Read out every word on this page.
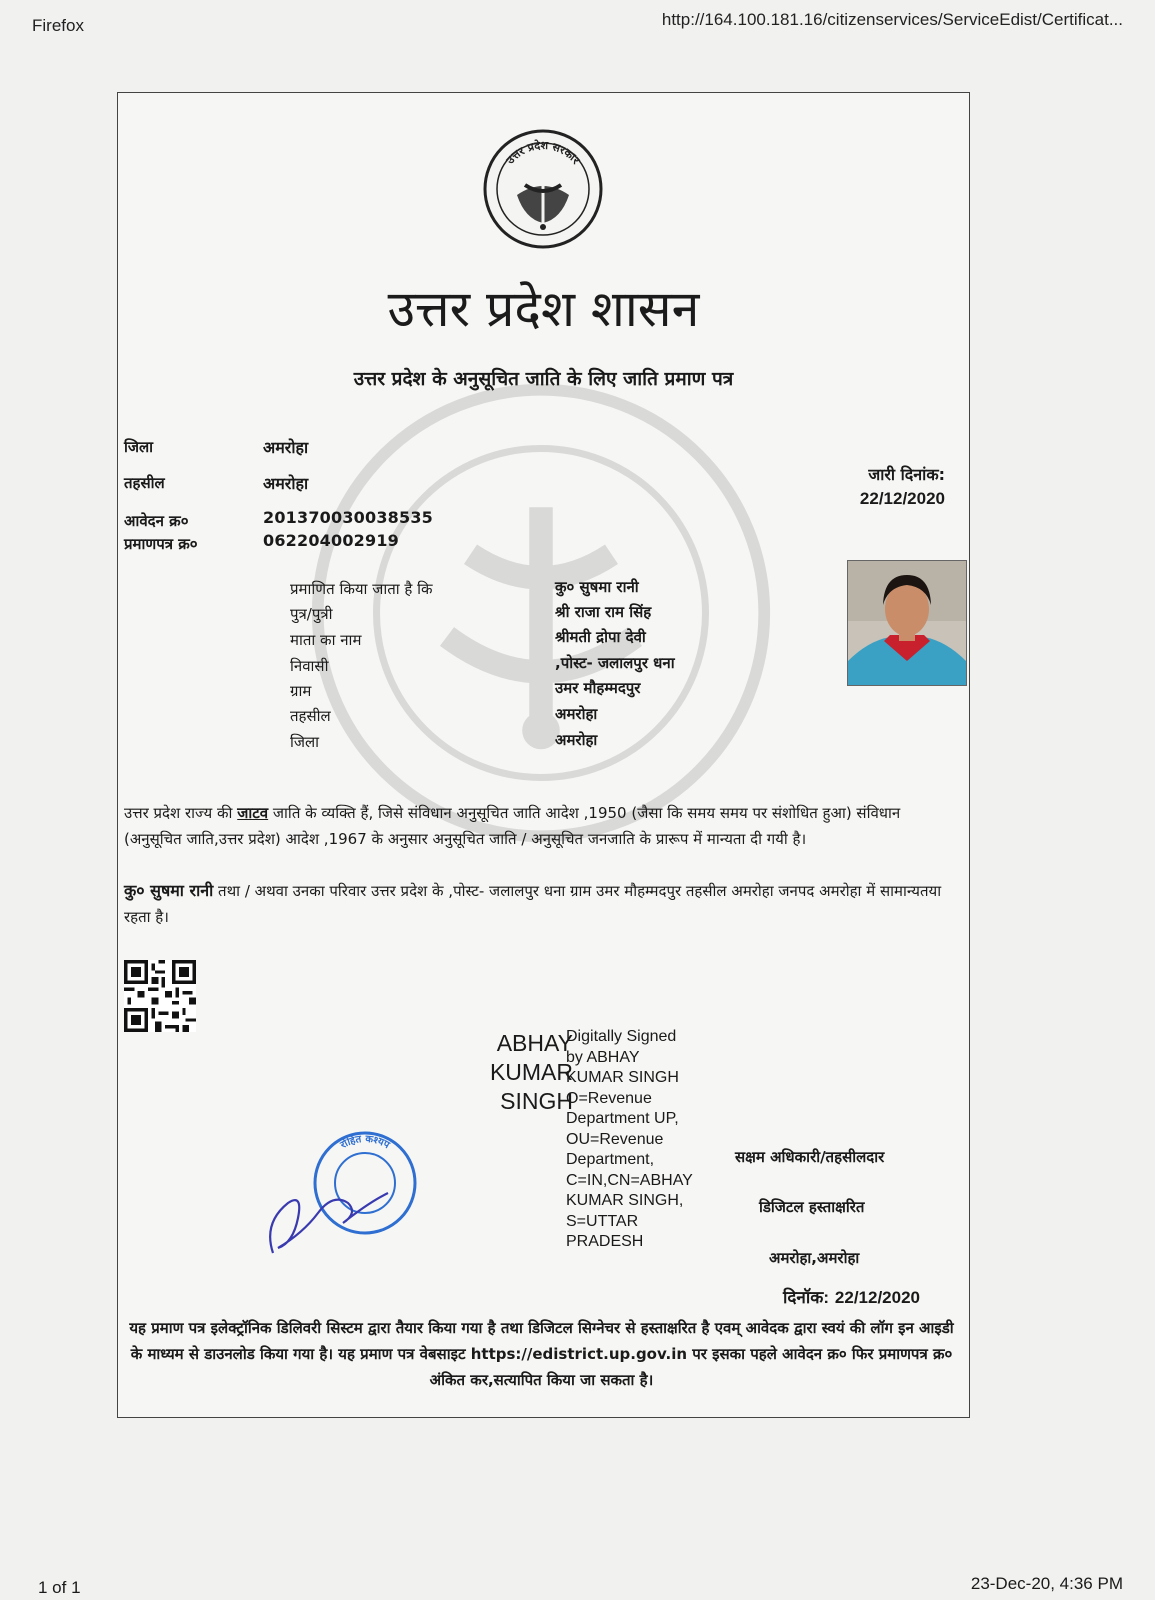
Firefox	http://164.100.181.16/citizenservices/ServiceEdist/Certificat...
उत्तर प्रदेश सरकार
उत्तर प्रदेश शासन
उत्तर प्रदेश के अनुसूचित जाति के लिए जाति प्रमाण पत्र
जिला	अमरोहा
तहसील	अमरोहा
आवेदन क्र०	201370030038535
प्रमाणपत्र क्र०	062204002919
जारी दिनांक:
22/12/2020
प्रमाणित किया जाता है कि	कु० सुषमा रानी
पुत्र/पुत्री	श्री राजा राम सिंह
माता का नाम	श्रीमती द्रोपा देवी
निवासी	,पोस्ट- जलालपुर धना
ग्राम	उमर मौहम्मदपुर
तहसील	अमरोहा
जिला	अमरोहा
उत्तर प्रदेश राज्य की जाटव जाति के व्यक्ति हैं, जिसे संविधान अनुसूचित जाति आदेश ,1950 (जैसा कि समय समय पर संशोधित हुआ) संविधान (अनुसूचित जाति,उत्तर प्रदेश) आदेश ,1967 के अनुसार अनुसूचित जाति / अनुसूचित जनजाति के प्रारूप में मान्यता दी गयी है।
कु० सुषमा रानी तथा / अथवा उनका परिवार उत्तर प्रदेश के ,पोस्ट- जलालपुर धना ग्राम उमर मौहम्मदपुर तहसील अमरोहा जनपद अमरोहा में सामान्यतया रहता है।
ABHAY
KUMAR
SINGH
Digitally Signed
by ABHAY
KUMAR SINGH
O=Revenue
Department UP,
OU=Revenue
Department,
C=IN,CN=ABHAY
KUMAR SINGH,
S=UTTAR
PRADESH
रोहित कश्यप
सक्षम अधिकारी/तहसीलदार
डिजिटल हस्ताक्षरित
अमरोहा,अमरोहा
दिनॉक: 22/12/2020
यह प्रमाण पत्र इलेक्ट्रॉनिक डिलिवरी सिस्टम द्वारा तैयार किया गया है तथा डिजिटल सिग्नेचर से हस्ताक्षरित है एवम् आवेदक द्वारा स्वयं की लॉग इन आइडी के माध्यम से डाउनलोड किया गया है। यह प्रमाण पत्र वेबसाइट https://edistrict.up.gov.in पर इसका पहले आवेदन क्र० फिर प्रमाणपत्र क्र० अंकित कर,सत्यापित किया जा सकता है।
1 of 1	23-Dec-20, 4:36 PM
